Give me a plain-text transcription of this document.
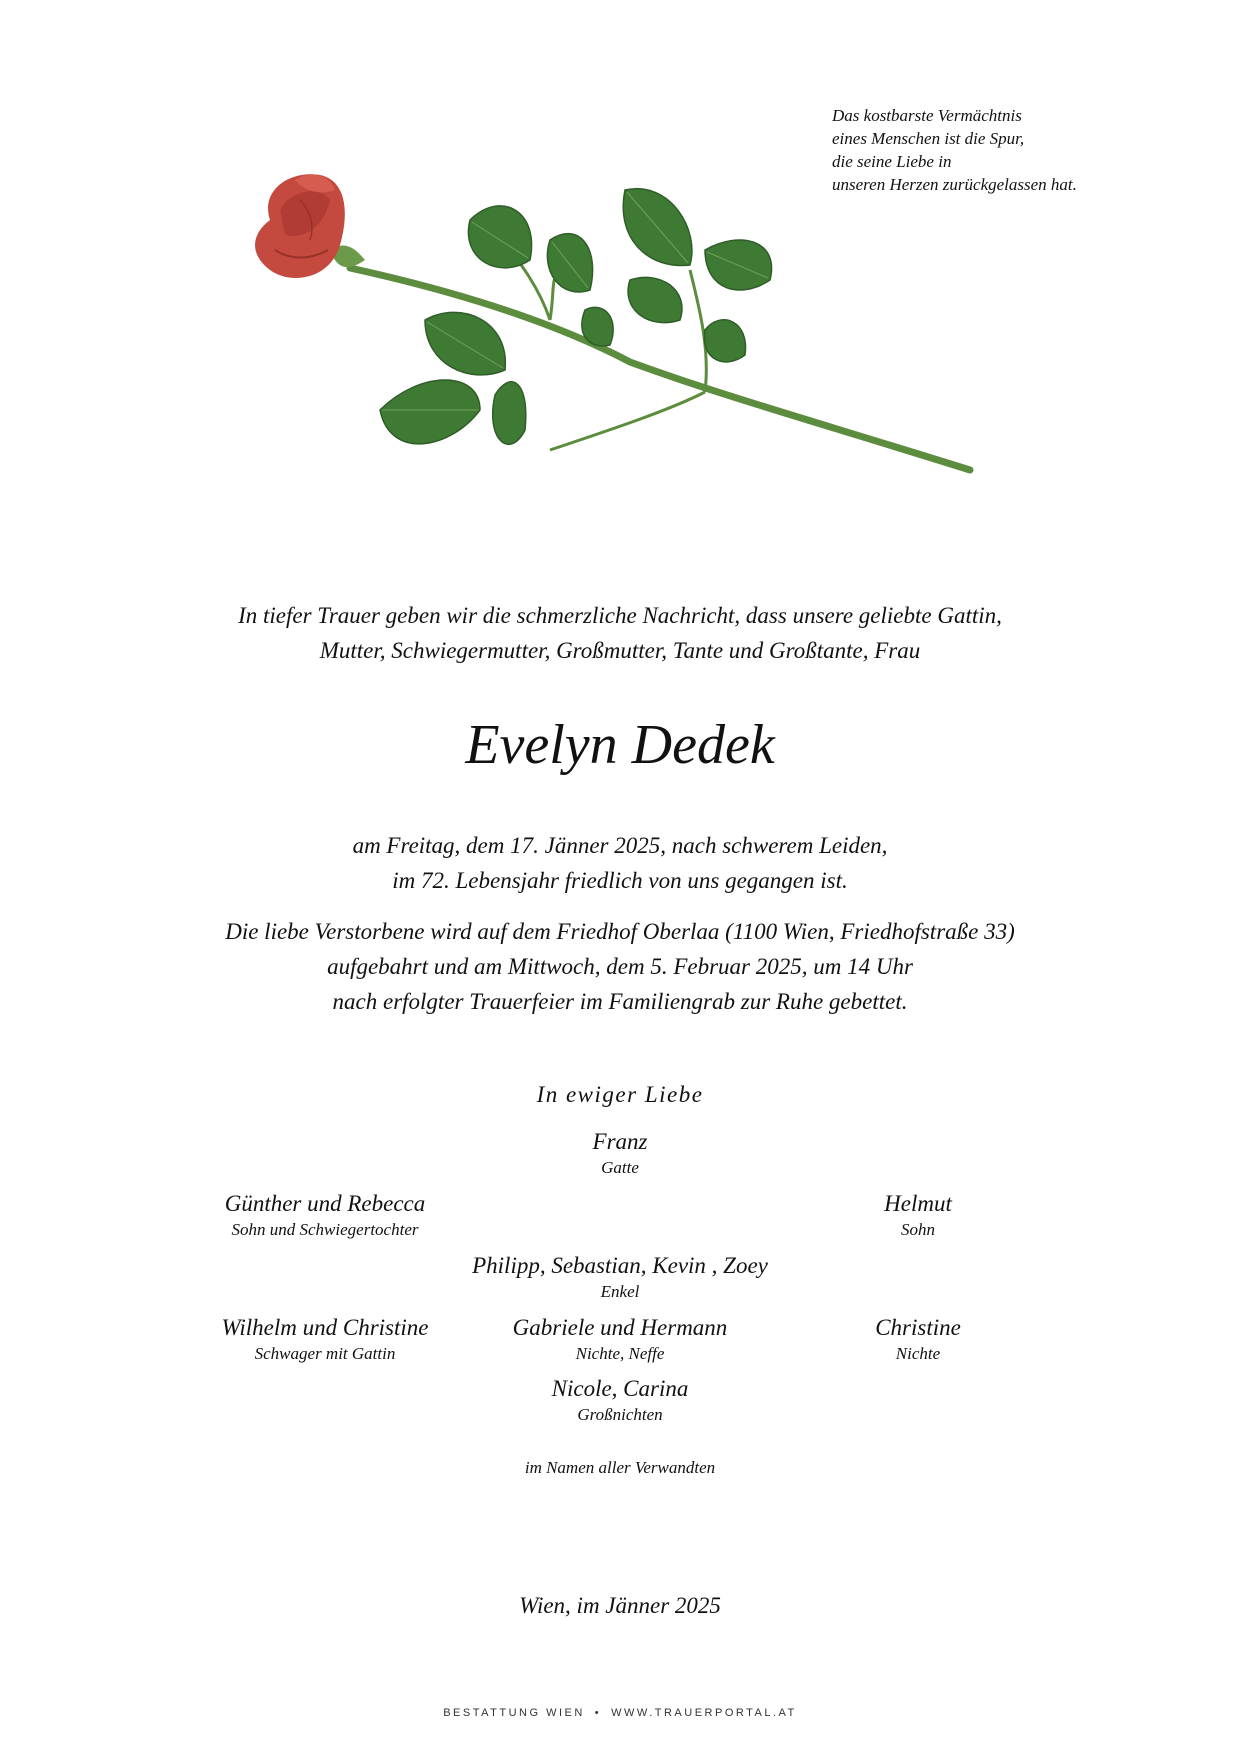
Das kostbarste Vermächtnis
eines Menschen ist die Spur,
die seine Liebe in
unseren Herzen zurückgelassen hat.
In tiefer Trauer geben wir die schmerzliche Nachricht, dass unsere geliebte Gattin,
Mutter, Schwiegermutter, Großmutter, Tante und Großtante, Frau
Evelyn Dedek
am Freitag, dem 17. Jänner 2025, nach schwerem Leiden,
im 72. Lebensjahr friedlich von uns gegangen ist.
Die liebe Verstorbene wird auf dem Friedhof Oberlaa (1100 Wien, Friedhofstraße 33)
aufgebahrt und am Mittwoch, dem 5. Februar 2025, um 14 Uhr
nach erfolgter Trauerfeier im Familiengrab zur Ruhe gebettet.
In ewiger Liebe
Franz
Gatte
Günther und Rebecca
Sohn und Schwiegertochter
Helmut
Sohn
Philipp, Sebastian, Kevin , Zoey
Enkel
Wilhelm und Christine
Schwager mit Gattin
Gabriele und Hermann
Nichte, Neffe
Christine
Nichte
Nicole, Carina
Großnichten
im Namen aller Verwandten
Wien, im Jänner 2025
BESTATTUNG WIEN • WWW.TRAUERPORTAL.AT
